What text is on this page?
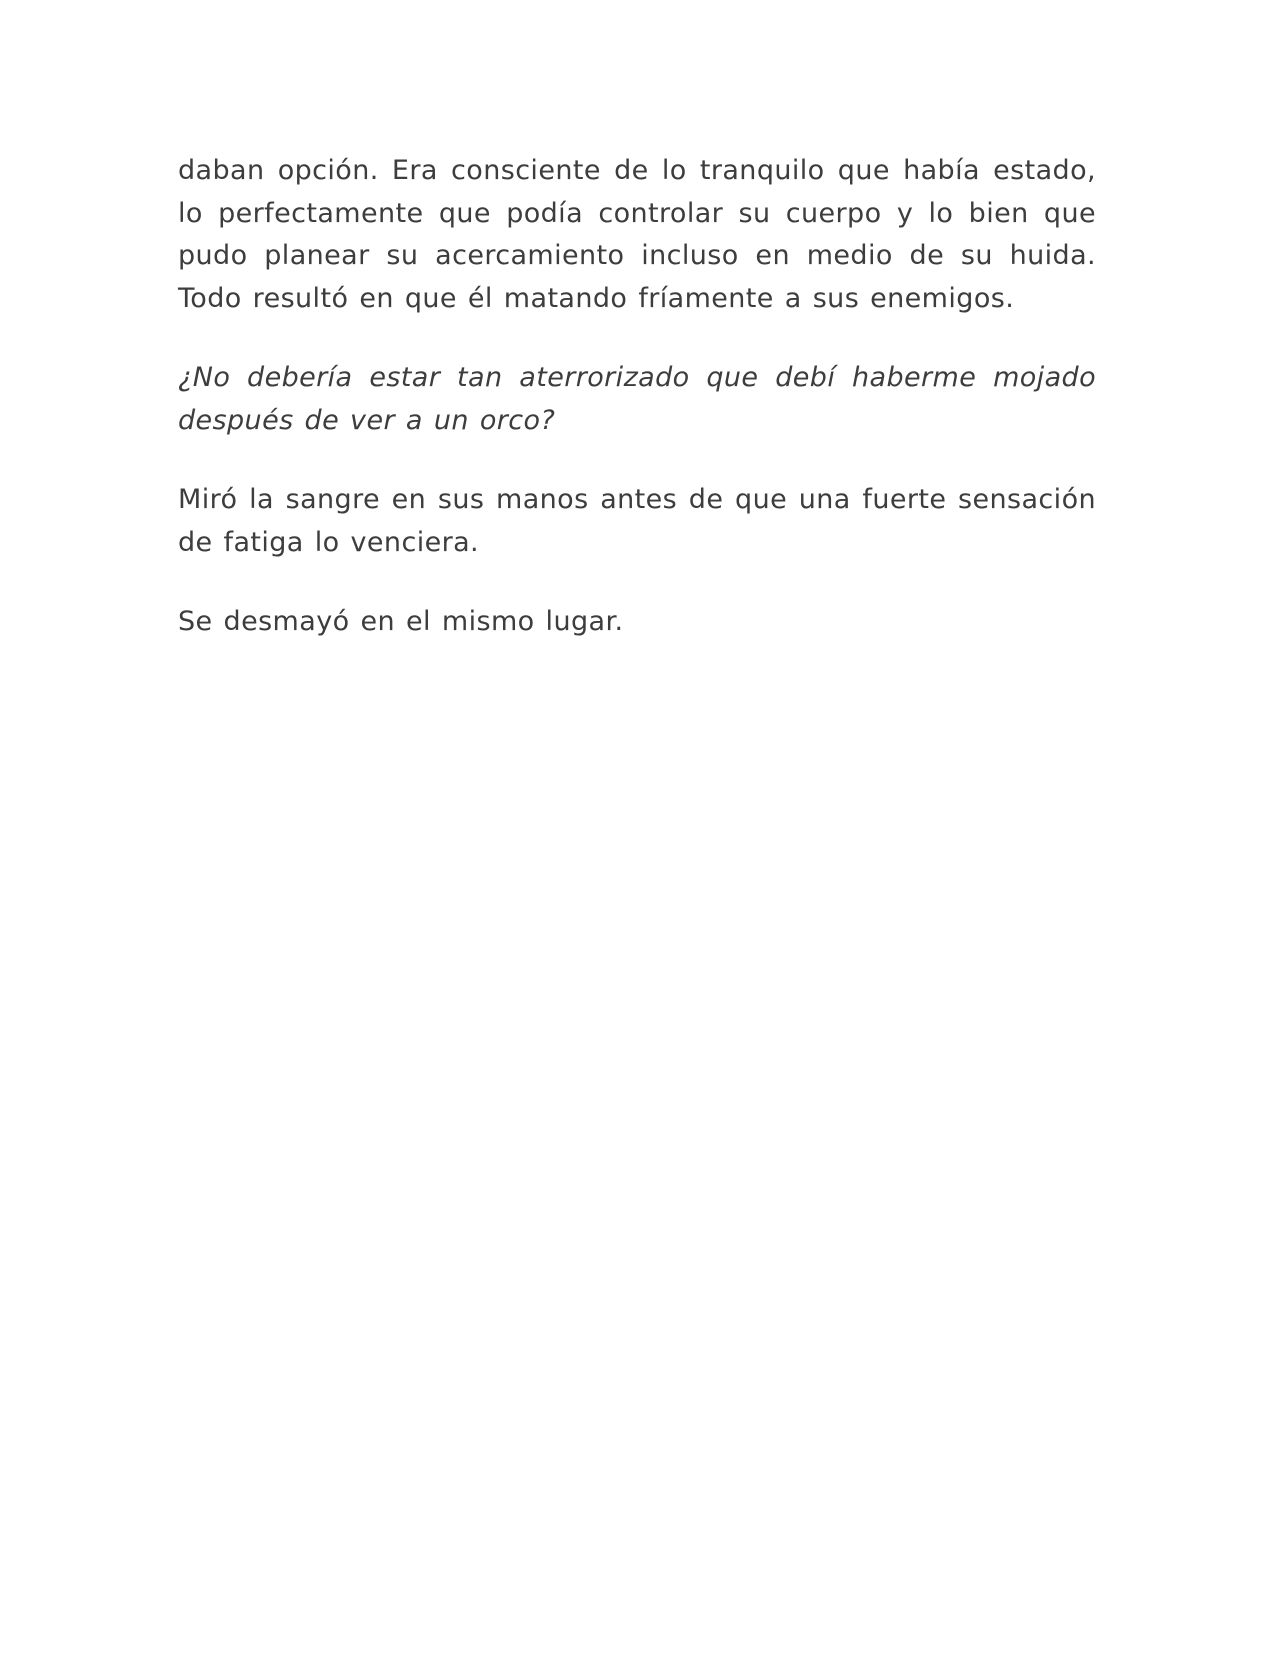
daban opción. Era consciente de lo tranquilo que había estado, lo perfectamente que podía controlar su cuerpo y lo bien que pudo planear su acercamiento incluso en medio de su huida. Todo resultó en que él matando fríamente a sus enemigos.

¿No debería estar tan aterrorizado que debí haberme mojado después de ver a un orco?

Miró la sangre en sus manos antes de que una fuerte sensación de fatiga lo venciera.

Se desmayó en el mismo lugar.
